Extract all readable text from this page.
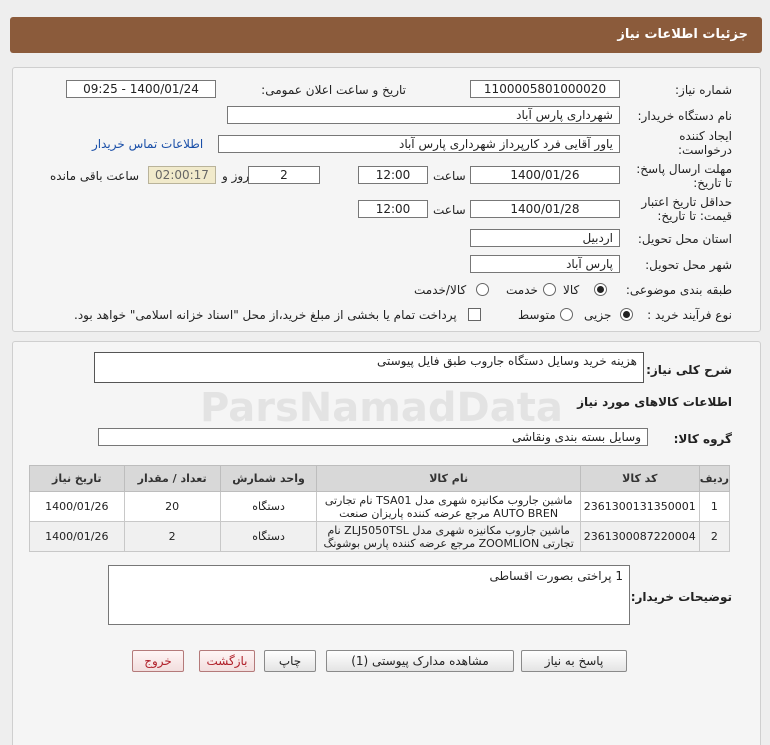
جزئیات اطلاعات نیاز
شماره نیاز:
1100005801000020
تاریخ و ساعت اعلان عمومی:
1400/01/24 - 09:25
نام دستگاه خریدار:
شهرداری پارس آباد
ایجاد کننده درخواست:
یاور آقایی فرد کارپرداز شهرداری پارس آباد
اطلاعات تماس خریدار
مهلت ارسال پاسخ: تا تاریخ:
1400/01/26
ساعت
12:00
2
روز و
02:00:17
ساعت باقی مانده
حداقل تاریخ اعتبار قیمت: تا تاریخ:
1400/01/28
ساعت
12:00
استان محل تحویل:
اردبیل
شهر محل تحویل:
پارس آباد
طبقه بندی موضوعی:
کالا
خدمت
کالا/خدمت
نوع فرآیند خرید :
جزیی
متوسط
پرداخت تمام یا بخشی از مبلغ خرید،از محل "اسناد خزانه اسلامی" خواهد بود.
شرح کلی نیاز:
هزینه خرید وسایل دستگاه جاروب طبق فایل پیوستی
اطلاعات کالاهای مورد نیاز
گروه کالا:
وسایل بسته بندی ونقاشی
ردیف	کد کالا	نام کالا	واحد شمارش	تعداد / مقدار	تاریخ نیاز
1	2361300131350001	ماشین جاروب مکانیزه شهری مدل TSA01 نام تجارتی AUTO BREN مرجع عرضه کننده پاریزان صنعت	دستگاه	20	1400/01/26
2	2361300087220004	ماشین جاروب مکانیزه شهری مدل ZLJ5050TSL نام تجارتی ZOOMLION مرجع عرضه کننده پارس بوشونگ	دستگاه	2	1400/01/26
توضیحات خریدار:
1 پراختی بصورت اقساطی
پاسخ به نیاز
مشاهده مدارک پیوستی (1)
چاپ
بازگشت
خروج
